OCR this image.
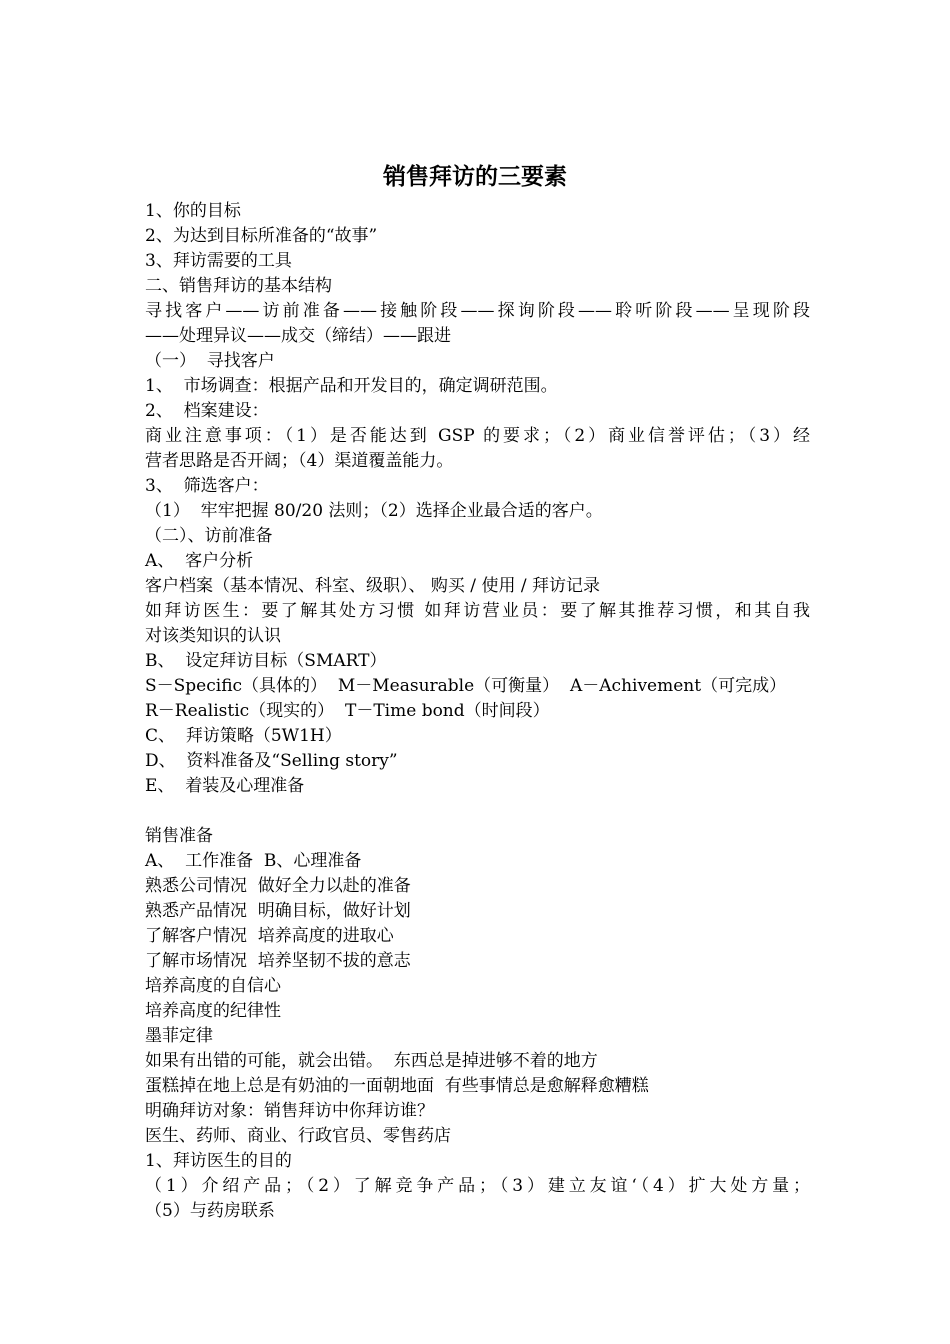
销售拜访的三要素
1、你的目标
2、为达到目标所准备的“故事”
3、拜访需要的工具
二、销售拜访的基本结构
寻找客户——访前准备——接触阶段——探询阶段——聆听阶段——呈现阶段
——处理异议——成交（缔结）——跟进
（一）  寻找客户
1、  市场调查：根据产品和开发目的，确定调研范围。
2、  档案建设：
商业注意事项：（1）是否能达到 GSP 的要求；（2）商业信誉评估；（3）经
营者思路是否开阔；（4）渠道覆盖能力。
3、  筛选客户：
（1）  牢牢把握 80/20 法则；（2）选择企业最合适的客户。
（二）、访前准备
A、  客户分析
客户档案（基本情况、科室、级职）、 购买 / 使用 / 拜访记录
如拜访医生：要了解其处方习惯 如拜访营业员：要了解其推荐习惯，和其自我
对该类知识的认识
B、  设定拜访目标（SMART）
S－Specific（具体的）  M－Measurable（可衡量）  A－Achivement（可完成）
R－Realistic（现实的）  T－Time bond（时间段）
C、  拜访策略（5W1H）
D、  资料准备及“Selling story”
E、  着装及心理准备
销售准备
A、  工作准备  B、心理准备
熟悉公司情况  做好全力以赴的准备
熟悉产品情况  明确目标，做好计划
了解客户情况  培养高度的进取心
了解市场情况  培养坚韧不拔的意志
培养高度的自信心
培养高度的纪律性
墨菲定律
如果有出错的可能，就会出错。  东西总是掉进够不着的地方
蛋糕掉在地上总是有奶油的一面朝地面  有些事情总是愈解释愈糟糕
明确拜访对象：销售拜访中你拜访谁？
医生、药师、商业、行政官员、零售药店
1、拜访医生的目的
（1）介绍产品；（2）了解竞争产品；（3）建立友谊‘（4）扩大处方量；
（5）与药房联系
